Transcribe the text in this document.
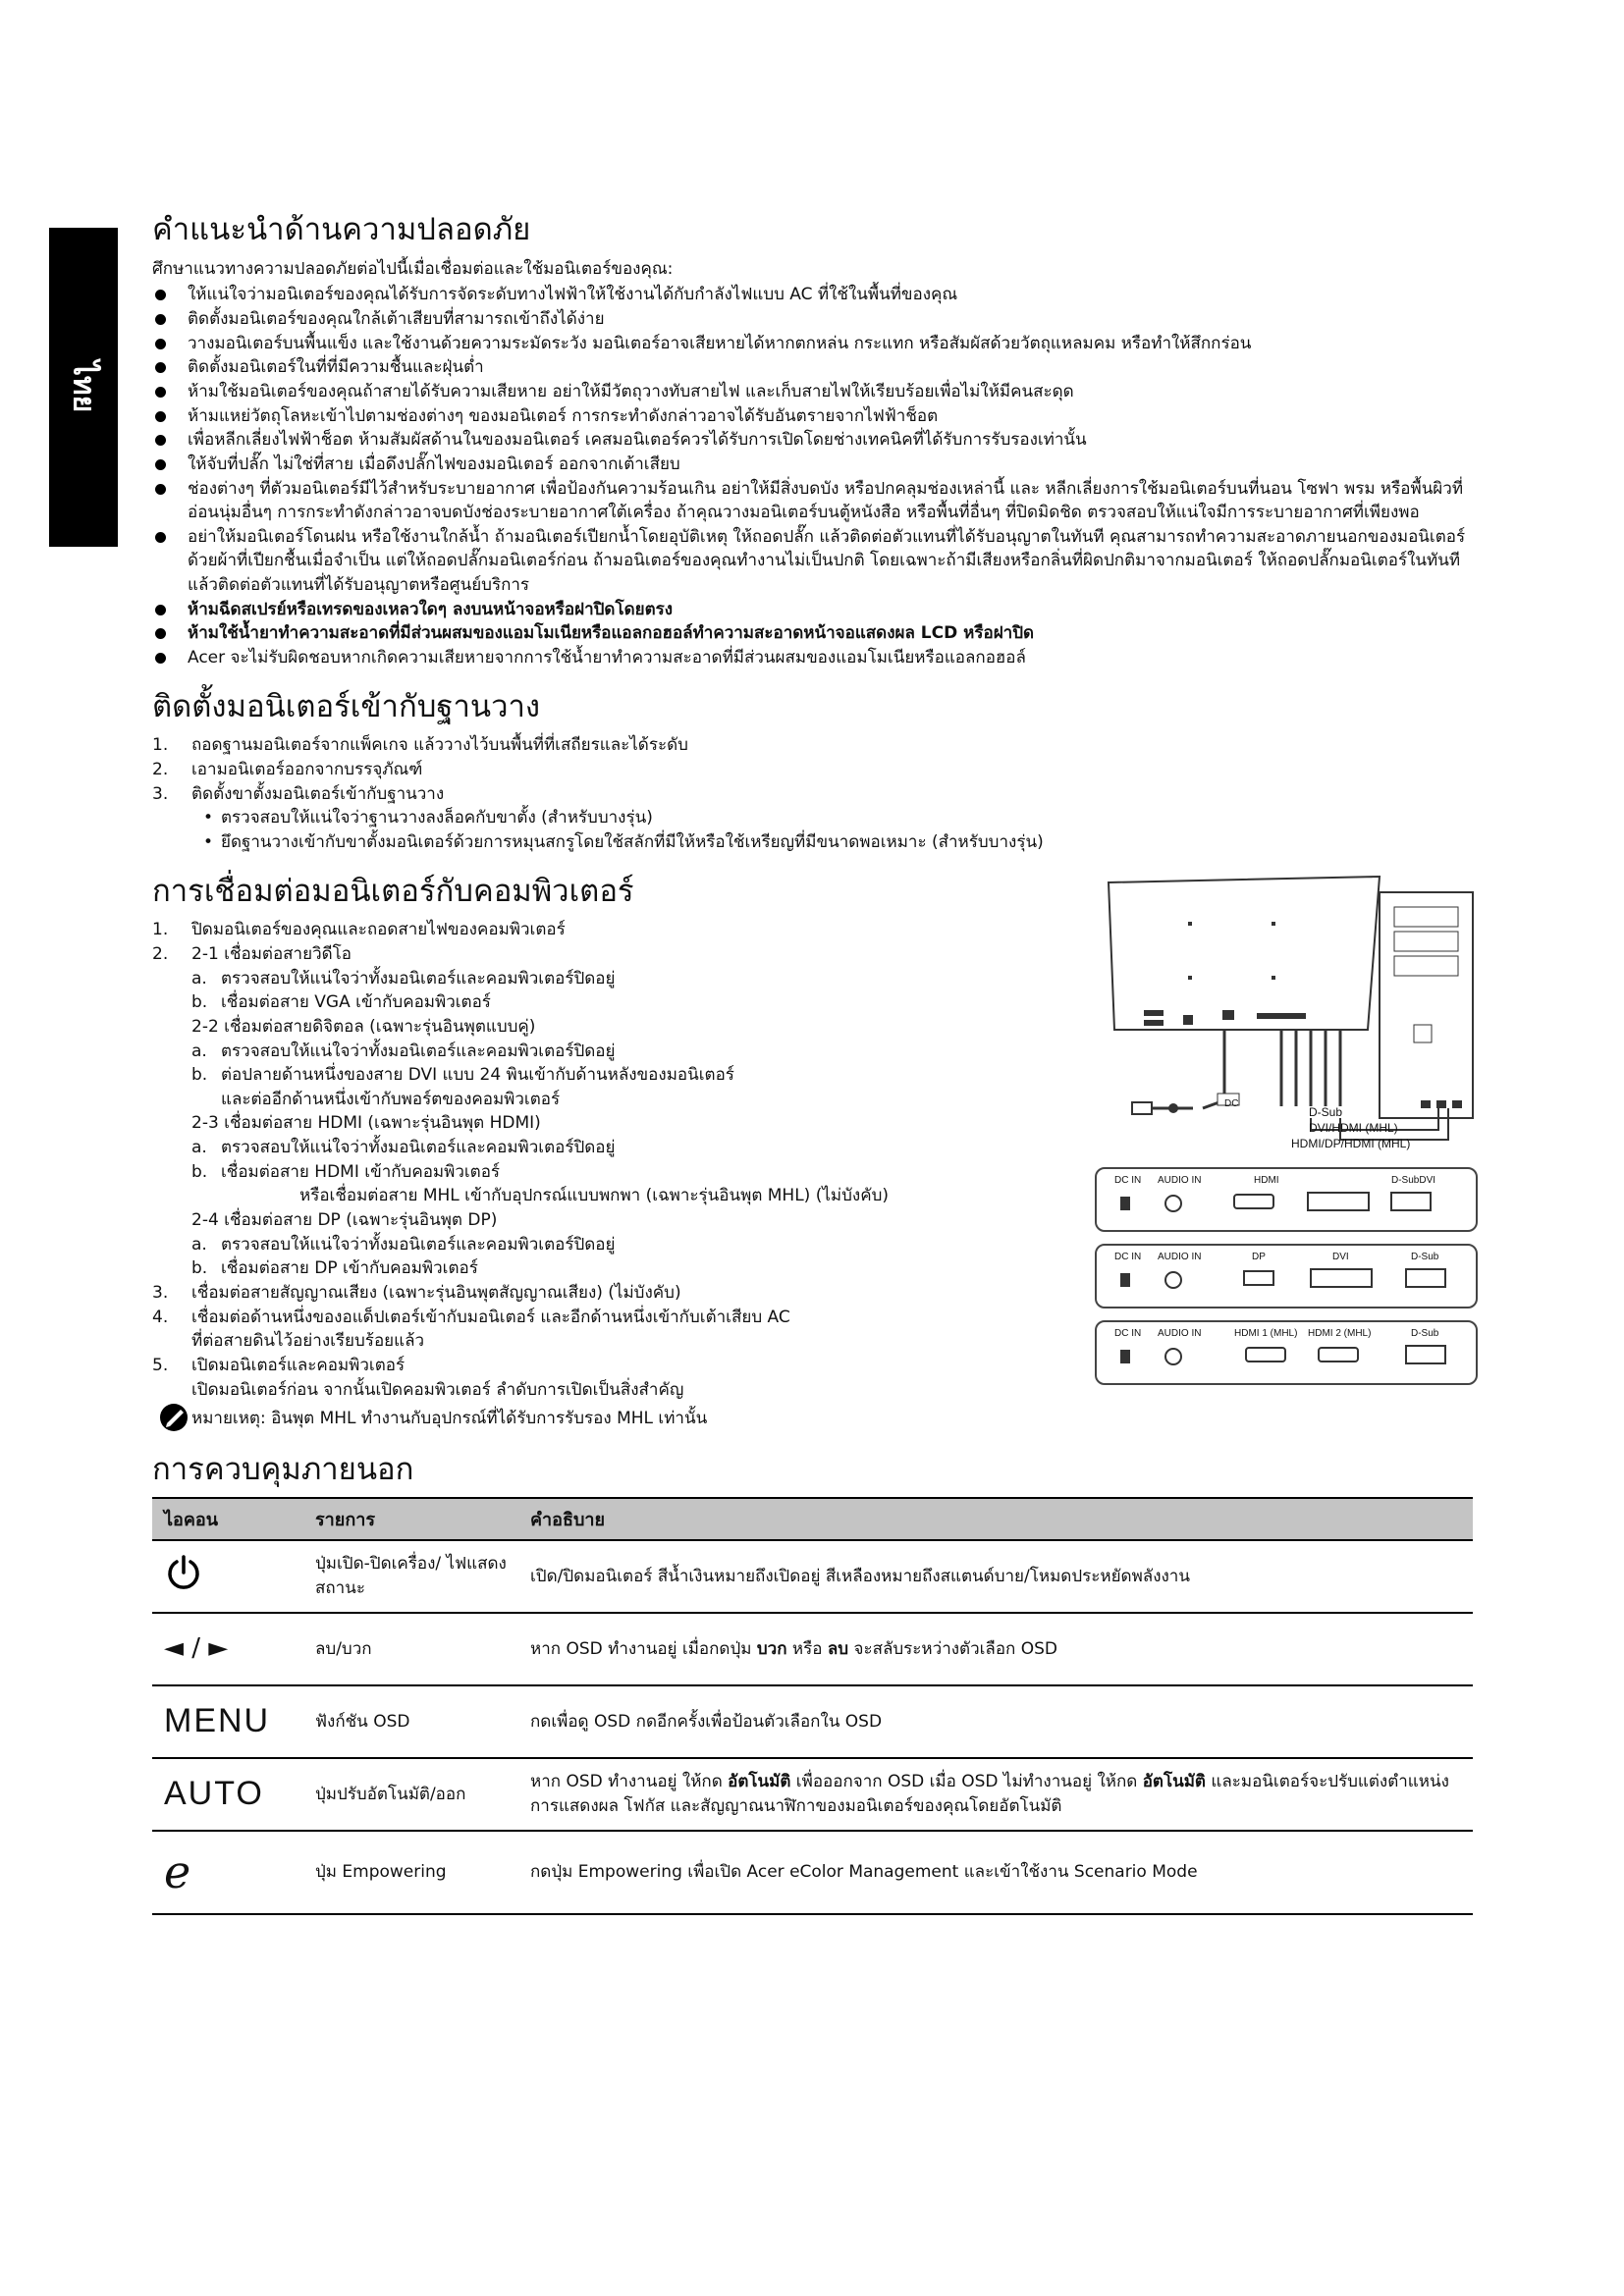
ไทย
คำแนะนำด้านความปลอดภัย

ศึกษาแนวทางความปลอดภัยต่อไปนี้เมื่อเชื่อมต่อและใช้มอนิเตอร์ของคุณ:

ให้แน่ใจว่ามอนิเตอร์ของคุณได้รับการจัดระดับทางไฟฟ้าให้ใช้งานได้กับกำลังไฟแบบ AC ที่ใช้ในพื้นที่ของคุณ
ติดตั้งมอนิเตอร์ของคุณใกล้เต้าเสียบที่สามารถเข้าถึงได้ง่าย
วางมอนิเตอร์บนพื้นแข็ง และใช้งานด้วยความระมัดระวัง มอนิเตอร์อาจเสียหายได้หากตกหล่น กระแทก หรือสัมผัสด้วยวัตถุแหลมคม หรือทำให้สึกกร่อน
ติดตั้งมอนิเตอร์ในที่ที่มีความชื้นและฝุ่นต่ำ
ห้ามใช้มอนิเตอร์ของคุณถ้าสายได้รับความเสียหาย อย่าให้มีวัตถุวางทับสายไฟ และเก็บสายไฟให้เรียบร้อยเพื่อไม่ให้มีคนสะดุด
ห้ามแหย่วัตถุโลหะเข้าไปตามช่องต่างๆ ของมอนิเตอร์ การกระทำดังกล่าวอาจได้รับอันตรายจากไฟฟ้าช็อต
เพื่อหลีกเลี่ยงไฟฟ้าช็อต ห้ามสัมผัสด้านในของมอนิเตอร์ เคสมอนิเตอร์ควรได้รับการเปิดโดยช่างเทคนิคที่ได้รับการรับรองเท่านั้น
ให้จับที่ปลั๊ก ไม่ใช่ที่สาย เมื่อดึงปลั๊กไฟของมอนิเตอร์ ออกจากเต้าเสียบ
ช่องต่างๆ ที่ตัวมอนิเตอร์มีไว้สำหรับระบายอากาศ เพื่อป้องกันความร้อนเกิน อย่าให้มีสิ่งบดบัง หรือปกคลุมช่องเหล่านี้ และ หลีกเลี่ยงการใช้มอนิเตอร์บนที่นอน โซฟา พรม หรือพื้นผิวที่อ่อนนุ่มอื่นๆ การกระทำดังกล่าวอาจบดบังช่องระบายอากาศใต้เครื่อง ถ้าคุณวางมอนิเตอร์บนตู้หนังสือ หรือพื้นที่อื่นๆ ที่ปิดมิดชิด ตรวจสอบให้แน่ใจมีการระบายอากาศที่เพียงพอ
อย่าให้มอนิเตอร์โดนฝน หรือใช้งานใกล้น้ำ ถ้ามอนิเตอร์เปียกน้ำโดยอุบัติเหตุ ให้ถอดปลั๊ก แล้วติดต่อตัวแทนที่ได้รับอนุญาตในทันที คุณสามารถทำความสะอาดภายนอกของมอนิเตอร์ด้วยผ้าที่เปียกชื้นเมื่อจำเป็น แต่ให้ถอดปลั๊กมอนิเตอร์ก่อน ถ้ามอนิเตอร์ของคุณทำงานไม่เป็นปกติ โดยเฉพาะถ้ามีเสียงหรือกลิ่นที่ผิดปกติมาจากมอนิเตอร์ ให้ถอดปลั๊กมอนิเตอร์ในทันทีแล้วติดต่อตัวแทนที่ได้รับอนุญาตหรือศูนย์บริการ
ห้ามฉีดสเปรย์หรือเทรดของเหลวใดๆ ลงบนหน้าจอหรือฝาปิดโดยตรง
ห้ามใช้น้ำยาทำความสะอาดที่มีส่วนผสมของแอมโมเนียหรือแอลกอฮอล์ทำความสะอาดหน้าจอแสดงผล LCD หรือฝาปิด
Acer จะไม่รับผิดชอบหากเกิดความเสียหายจากการใช้น้ำยาทำความสะอาดที่มีส่วนผสมของแอมโมเนียหรือแอลกอฮอล์
ติดตั้งมอนิเตอร์เข้ากับฐานวาง
1. ถอดฐานมอนิเตอร์จากแพ็คเกจ แล้ววางไว้บนพื้นที่ที่เสถียรและได้ระดับ
2. เอามอนิเตอร์ออกจากบรรจุภัณฑ์
3. ติดตั้งขาตั้งมอนิเตอร์เข้ากับฐานวาง
• ตรวจสอบให้แน่ใจว่าฐานวางลงล็อคกับขาตั้ง (สำหรับบางรุ่น)
• ยึดฐานวางเข้ากับขาตั้งมอนิเตอร์ด้วยการหมุนสกรูโดยใช้สลักที่มีให้หรือใช้เหรียญที่มีขนาดพอเหมาะ (สำหรับบางรุ่น)
การเชื่อมต่อมอนิเตอร์กับคอมพิวเตอร์
1. ปิดมอนิเตอร์ของคุณและถอดสายไฟของคอมพิวเตอร์
2. 2-1 เชื่อมต่อสายวิดีโอ
a. ตรวจสอบให้แน่ใจว่าทั้งมอนิเตอร์และคอมพิวเตอร์ปิดอยู่
b. เชื่อมต่อสาย VGA เข้ากับคอมพิวเตอร์
2-2 เชื่อมต่อสายดิจิตอล (เฉพาะรุ่นอินพุตแบบคู่)
a. ตรวจสอบให้แน่ใจว่าทั้งมอนิเตอร์และคอมพิวเตอร์ปิดอยู่
b. ต่อปลายด้านหนึ่งของสาย DVI แบบ 24 พินเข้ากับด้านหลังของมอนิเตอร์
และต่ออีกด้านหนึ่งเข้ากับพอร์ตของคอมพิวเตอร์
2-3 เชื่อมต่อสาย HDMI (เฉพาะรุ่นอินพุต HDMI)
a. ตรวจสอบให้แน่ใจว่าทั้งมอนิเตอร์และคอมพิวเตอร์ปิดอยู่
b. เชื่อมต่อสาย HDMI เข้ากับคอมพิวเตอร์
หรือเชื่อมต่อสาย MHL เข้ากับอุปกรณ์แบบพกพา (เฉพาะรุ่นอินพุต MHL) (ไม่บังคับ)
2-4 เชื่อมต่อสาย DP (เฉพาะรุ่นอินพุต DP)
a. ตรวจสอบให้แน่ใจว่าทั้งมอนิเตอร์และคอมพิวเตอร์ปิดอยู่
b. เชื่อมต่อสาย DP เข้ากับคอมพิวเตอร์
3. เชื่อมต่อสายสัญญาณเสียง (เฉพาะรุ่นอินพุตสัญญาณเสียง) (ไม่บังคับ)
4. เชื่อมต่อด้านหนึ่งของอแด็ปเตอร์เข้ากับมอนิเตอร์ และอีกด้านหนึ่งเข้ากับเต้าเสียบ AC
ที่ต่อสายดินไว้อย่างเรียบร้อยแล้ว
5. เปิดมอนิเตอร์และคอมพิวเตอร์
เปิดมอนิเตอร์ก่อน จากนั้นเปิดคอมพิวเตอร์ ลำดับการเปิดเป็นสิ่งสำคัญ
หมายเหตุ: อินพุต MHL ทำงานกับอุปกรณ์ที่ได้รับการรับรอง MHL เท่านั้น
DC
D-Sub
DVI/HDMI (MHL)
HDMI/DP/HDMI (MHL)
DC IN AUDIO IN	HDMI	D-SubDVI
DC IN AUDIO IN	DP	DVI	D-Sub
DC IN AUDIO IN	HDMI 1 (MHL) HDMI 2 (MHL)	D-Sub
การควบคุมภายนอก
ไอคอน	รายการ	คำอธิบาย
	ปุ่มเปิด-ปิดเครื่อง/ ไฟแสดงสถานะ	เปิด/ปิดมอนิเตอร์ สีน้ำเงินหมายถึงเปิดอยู่ สีเหลืองหมายถึงสแตนด์บาย/โหมดประหยัดพลังงาน
◄ / ►	ลบ/บวก	หาก OSD ทำงานอยู่ เมื่อกดปุ่ม บวก หรือ ลบ จะสลับระหว่างตัวเลือก OSD
MENU	ฟังก์ชัน OSD	กดเพื่อดู OSD กดอีกครั้งเพื่อป้อนตัวเลือกใน OSD
AUTO	ปุ่มปรับอัตโนมัติ/ออก	หาก OSD ทำงานอยู่ ให้กด อัตโนมัติ เพื่อออกจาก OSD เมื่อ OSD ไม่ทำงานอยู่ ให้กด อัตโนมัติ และมอนิเตอร์จะปรับแต่งตำแหน่งการแสดงผล โฟกัส และสัญญาณนาฬิกาของมอนิเตอร์ของคุณโดยอัตโนมัติ
e	ปุ่ม Empowering	กดปุ่ม Empowering เพื่อเปิด Acer eColor Management และเข้าใช้งาน Scenario Mode
